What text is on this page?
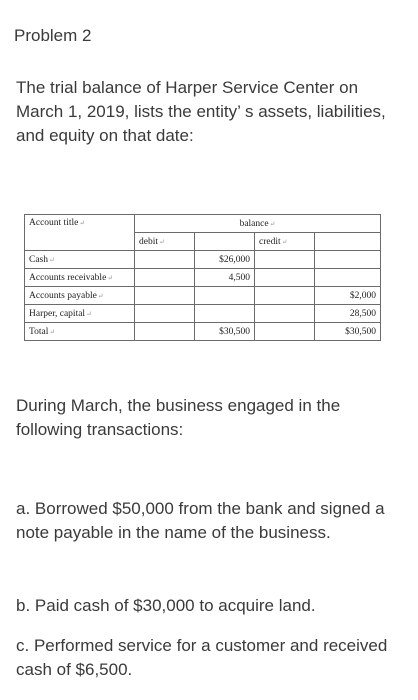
Problem 2
The trial balance of Harper Service Center on March 1, 2019, lists the entity’ s assets, liabilities, and equity on that date:
Account title↵	balance↵			
	debit↵		credit↵	
Cash↵		$26,000		
Accounts receivable↵		4,500		
Accounts payable↵				$2,000
Harper, capital↵				28,500
Total↵		$30,500		$30,500
During March, the business engaged in the following transactions:
a. Borrowed $50,000 from the bank and signed a note payable in the name of the business.
b. Paid cash of $30,000 to acquire land.
c. Performed service for a customer and received cash of $6,500.
